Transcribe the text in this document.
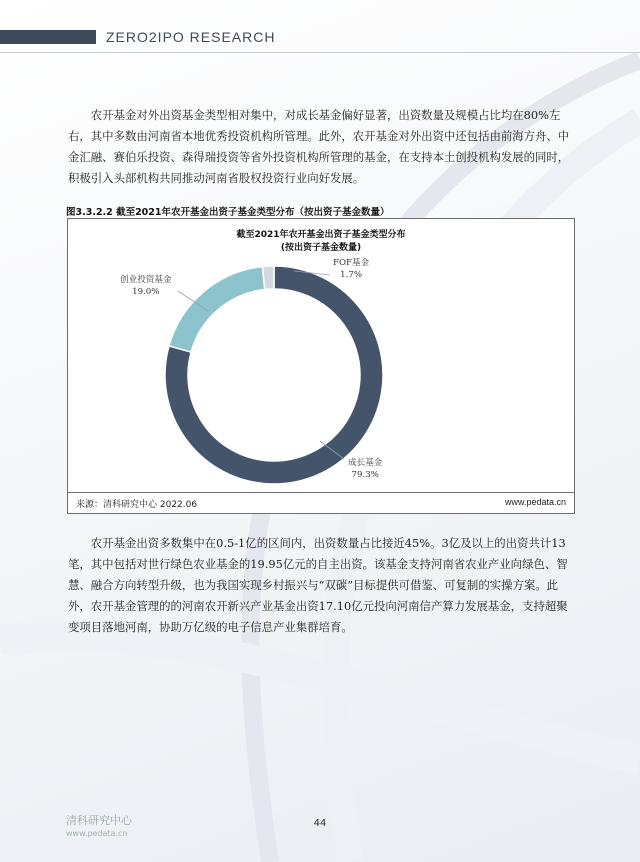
ZERO2IPO RESEARCH

农开基金对外出资基金类型相对集中，对成长基金偏好显著，出资数量及规模占比均在80%左右，其中多数由河南省本地优秀投资机构所管理。此外，农开基金对外出资中还包括由前海方舟、中金汇融、赛伯乐投资、森得瑞投资等省外投资机构所管理的基金，在支持本土创投机构发展的同时，积极引入头部机构共同推动河南省股权投资行业向好发展。

图3.3.2.2 截至2021年农开基金出资子基金类型分布（按出资子基金数量）
截至2021年农开基金出资子基金类型分布
(按出资子基金数量)
FOF基金
1.7%
创业投资基金
19.0%
成长基金
79.3%
来源：清科研究中心 2022.06	www.pedata.cn

农开基金出资多数集中在0.5-1亿的区间内，出资数量占比接近45%。3亿及以上的出资共计13笔，其中包括对世行绿色农业基金的19.95亿元的自主出资。该基金支持河南省农业产业向绿色、智慧、融合方向转型升级，也为我国实现乡村振兴与“双碳”目标提供可借鉴、可复制的实操方案。此外，农开基金管理的的河南农开新兴产业基金出资17.10亿元投向河南信产算力发展基金，支持超聚变项目落地河南，协助万亿级的电子信息产业集群培育。

清科研究中心
www.pedata.cn
44
